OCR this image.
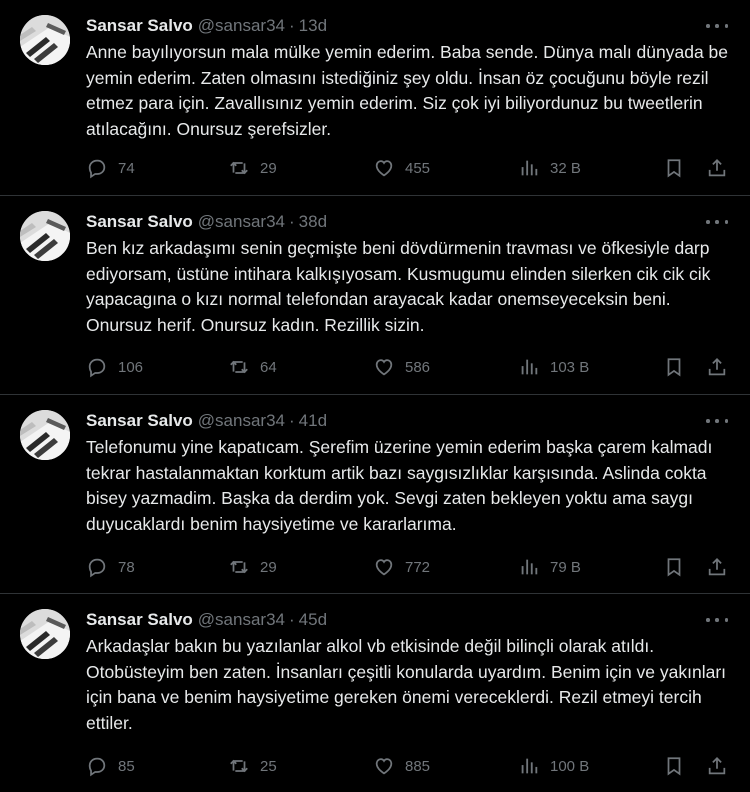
Sansar Salvo @sansar34 · 13d
Anne bayılıyorsun mala mülke yemin ederim. Baba sende. Dünya malı dünyada be yemin ederim. Zaten olmasını istediğiniz şey oldu. İnsan öz çocuğunu böyle rezil etmez para için. Zavallısınız yemin ederim. Siz çok iyi biliyordunuz bu tweetlerin atılacağını. Onursuz şerefsizler.
74	29	455	32 B
Sansar Salvo @sansar34 · 38d
Ben kız arkadaşımı senin geçmişte beni dövdürmenin travması ve öfkesiyle darp ediyorsam, üstüne intihara kalkışıyosam. Kusmugumu elinden silerken cik cik cik yapacagına o kızı normal telefondan arayacak kadar onemseyeceksin beni. Onursuz herif. Onursuz kadın. Rezillik sizin.
106	64	586	103 B
Sansar Salvo @sansar34 · 41d
Telefonumu yine kapatıcam. Şerefim üzerine yemin ederim başka çarem kalmadı tekrar hastalanmaktan korktum artik bazı saygısızlıklar karşısında. Aslinda cokta bisey yazmadim. Başka da derdim yok. Sevgi zaten bekleyen yoktu ama saygı duyucaklardı benim haysiyetime ve kararlarıma.
78	29	772	79 B
Sansar Salvo @sansar34 · 45d
Arkadaşlar bakın bu yazılanlar alkol vb etkisinde değil bilinçli olarak atıldı. Otobüsteyim ben zaten. İnsanları çeşitli konularda uyardım. Benim için ve yakınları için bana ve benim haysiyetime gereken önemi vereceklerdi. Rezil etmeyi tercih ettiler.
85	25	885	100 B
